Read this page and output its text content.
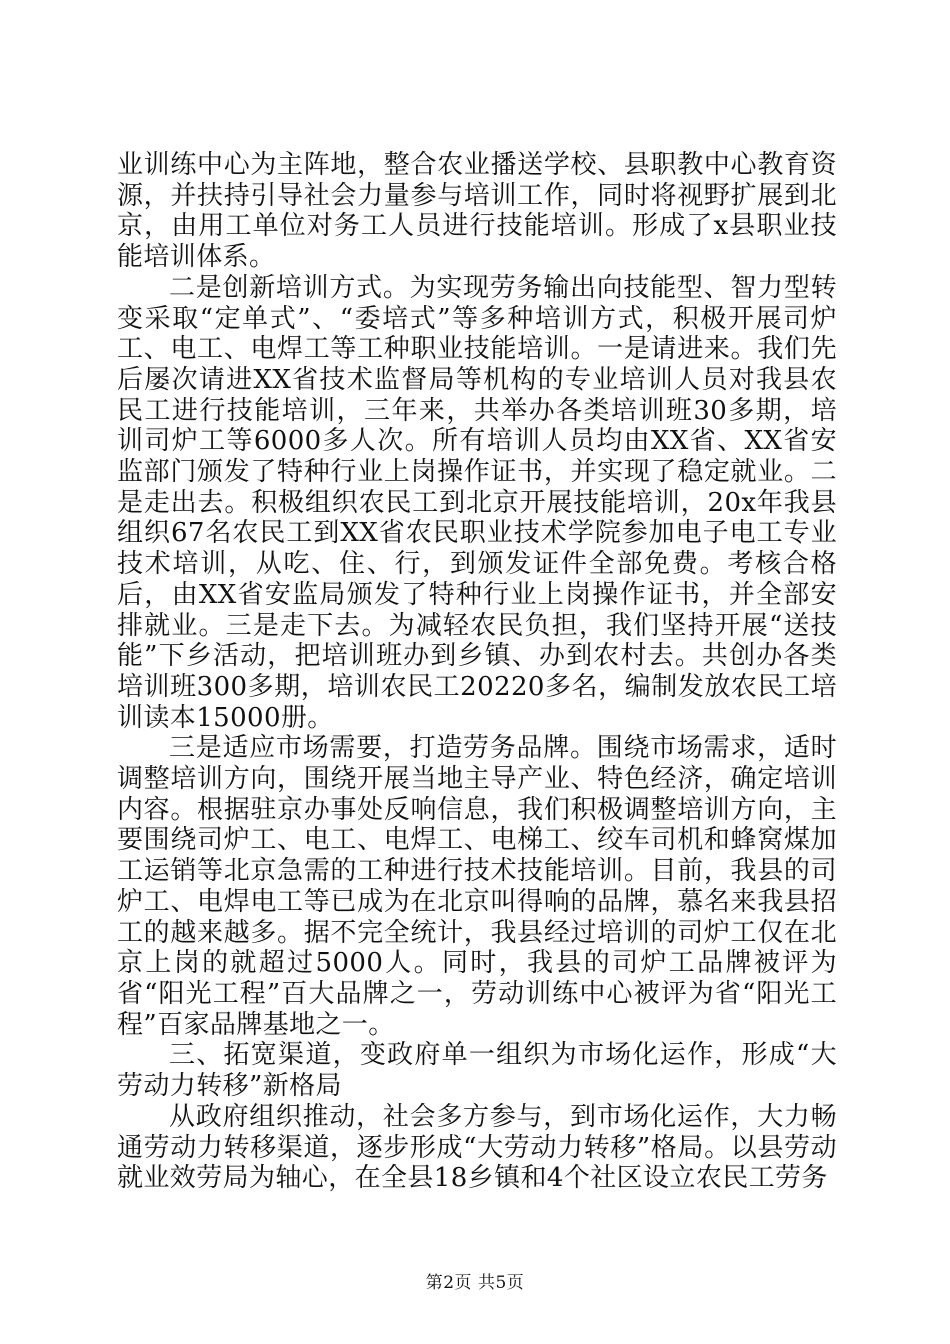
业训练中心为主阵地，整合农业播送学校、县职教中心教育资源，并扶持引导社会力量参与培训工作，同时将视野扩展到北京，由用工单位对务工人员进行技能培训。形成了x县职业技能培训体系。

二是创新培训方式。为实现劳务输出向技能型、智力型转变采取“定单式”、“委培式”等多种培训方式，积极开展司炉工、电工、电焊工等工种职业技能培训。一是请进来。我们先后屡次请进XX省技术监督局等机构的专业培训人员对我县农民工进行技能培训，三年来，共举办各类培训班30多期，培训司炉工等6000多人次。所有培训人员均由XX省、XX省安监部门颁发了特种行业上岗操作证书，并实现了稳定就业。二是走出去。积极组织农民工到北京开展技能培训，20x年我县组织67名农民工到XX省农民职业技术学院参加电子电工专业技术培训，从吃、住、行，到颁发证件全部免费。考核合格后，由XX省安监局颁发了特种行业上岗操作证书，并全部安排就业。三是走下去。为减轻农民负担，我们坚持开展“送技能”下乡活动，把培训班办到乡镇、办到农村去。共创办各类培训班300多期，培训农民工20220多名，编制发放农民工培训读本15000册。

三是适应市场需要，打造劳务品牌。围绕市场需求，适时调整培训方向，围绕开展当地主导产业、特色经济，确定培训内容。根据驻京办事处反响信息，我们积极调整培训方向，主要围绕司炉工、电工、电焊工、电梯工、绞车司机和蜂窝煤加工运销等北京急需的工种进行技术技能培训。目前，我县的司炉工、电焊电工等已成为在北京叫得响的品牌，慕名来我县招工的越来越多。据不完全统计，我县经过培训的司炉工仅在北京上岗的就超过5000人。同时，我县的司炉工品牌被评为省“阳光工程”百大品牌之一，劳动训练中心被评为省“阳光工程”百家品牌基地之一。

三、拓宽渠道，变政府单一组织为市场化运作，形成“大劳动力转移”新格局

从政府组织推动，社会多方参与，到市场化运作，大力畅通劳动力转移渠道，逐步形成“大劳动力转移”格局。以县劳动就业效劳局为轴心，在全县18乡镇和4个社区设立农民工劳务

第2页 共5页
